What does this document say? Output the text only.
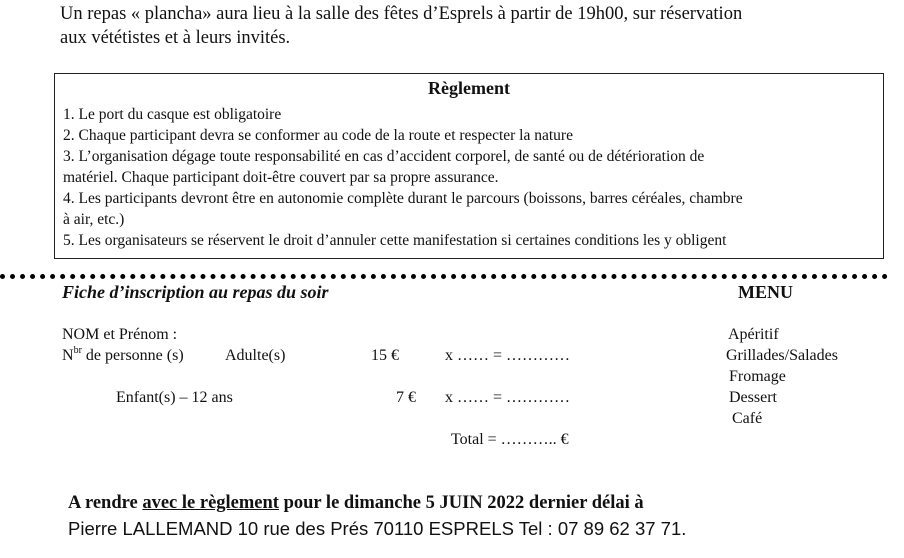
Un repas « plancha» aura lieu à la salle des fêtes d’Esprels à partir de 19h00, sur réservation

aux vététistes et à leurs invités.

Règlement
1. Le port du casque est obligatoire
2. Chaque participant devra se conformer au code de la route et respecter la nature
3. L’organisation dégage toute responsabilité en cas d’accident corporel, de santé ou de détérioration de
matériel. Chaque participant doit-être couvert par sa propre assurance.
4. Les participants devront être en autonomie complète durant le parcours (boissons, barres céréales, chambre
à air, etc.)
5. Les organisateurs se réservent le droit d’annuler cette manifestation si certaines conditions les y obligent
Fiche d’inscription au repas du soir	MENU
NOM et Prénom :
$N^{br}$ de personne (s)	Adulte(s)	15 €	x …… = …………
Enfant(s) – 12 ans	7 € x …… = …………
Total = ……….. €
Apéritif
Grillades/Salades
Fromage
Dessert
Café
A rendre avec le règlement pour le dimanche 5 JUIN 2022 dernier délai à
Pierre LALLEMAND 10 rue des Prés 70110 ESPRELS Tel : 07 89 62 37 71.
